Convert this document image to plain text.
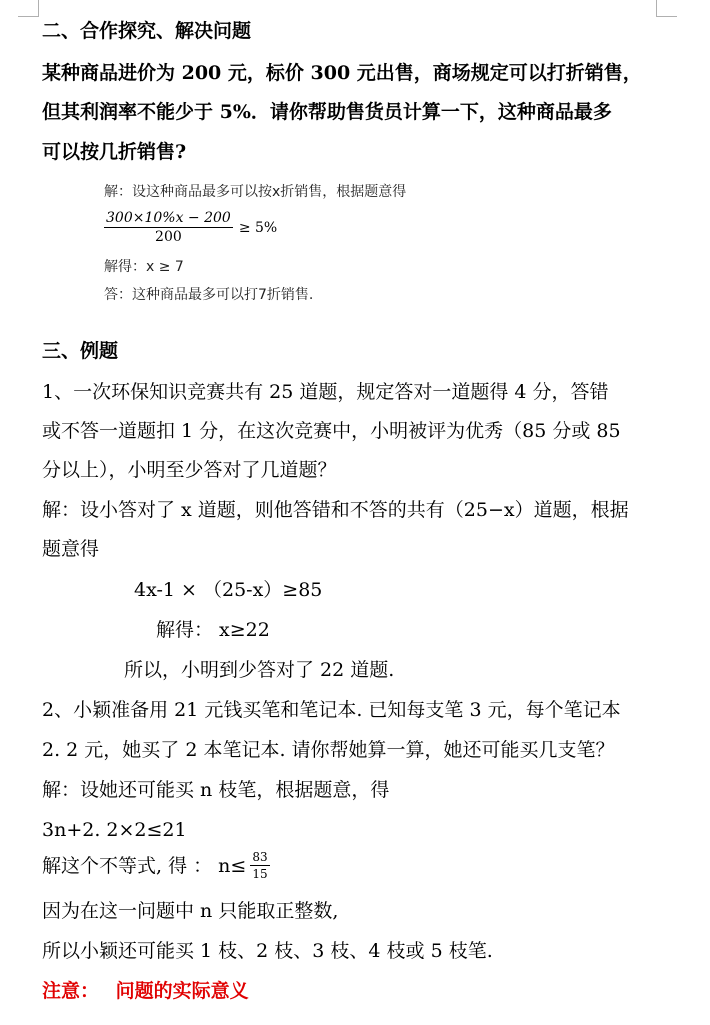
二、合作探究、解决问题
某种商品进价为 200 元，标价 300 元出售，商场规定可以打折销售，
但其利润率不能少于 5%．请你帮助售货员计算一下，这种商品最多
可以按几折销售?
解：设这种商品最多可以按x折销售，根据题意得
$\frac{300\times 10\%x - 200}{200} \ge 5\%$
解得：x ≥ 7
答：这种商品最多可以打7折销售.
三、例题
1、一次环保知识竞赛共有 25 道题，规定答对一道题得 4 分，答错
或不答一道题扣 1 分，在这次竞赛中，小明被评为优秀（85 分或 85
分以上），小明至少答对了几道题？
解：设小答对了 x 道题，则他答错和不答的共有（25−x）道题，根据
题意得
4x-1 × （25-x）≥85
解得： x≥22
所以，小明到少答对了 22 道题.
2、小颖准备用 21 元钱买笔和笔记本. 已知每支笔 3 元，每个笔记本
2. 2 元，她买了 2 本笔记本. 请你帮她算一算，她还可能买几支笔？
解：设她还可能买 n 枝笔，根据题意，得
3n+2. 2×2≤21
解这个不等式, 得 ： $n\le \frac{83}{15}$
因为在这一问题中 n 只能取正整数,
所以小颖还可能买 1 枝、2 枝、3 枝、4 枝或 5 枝笔.
注意： 问题的实际意义
